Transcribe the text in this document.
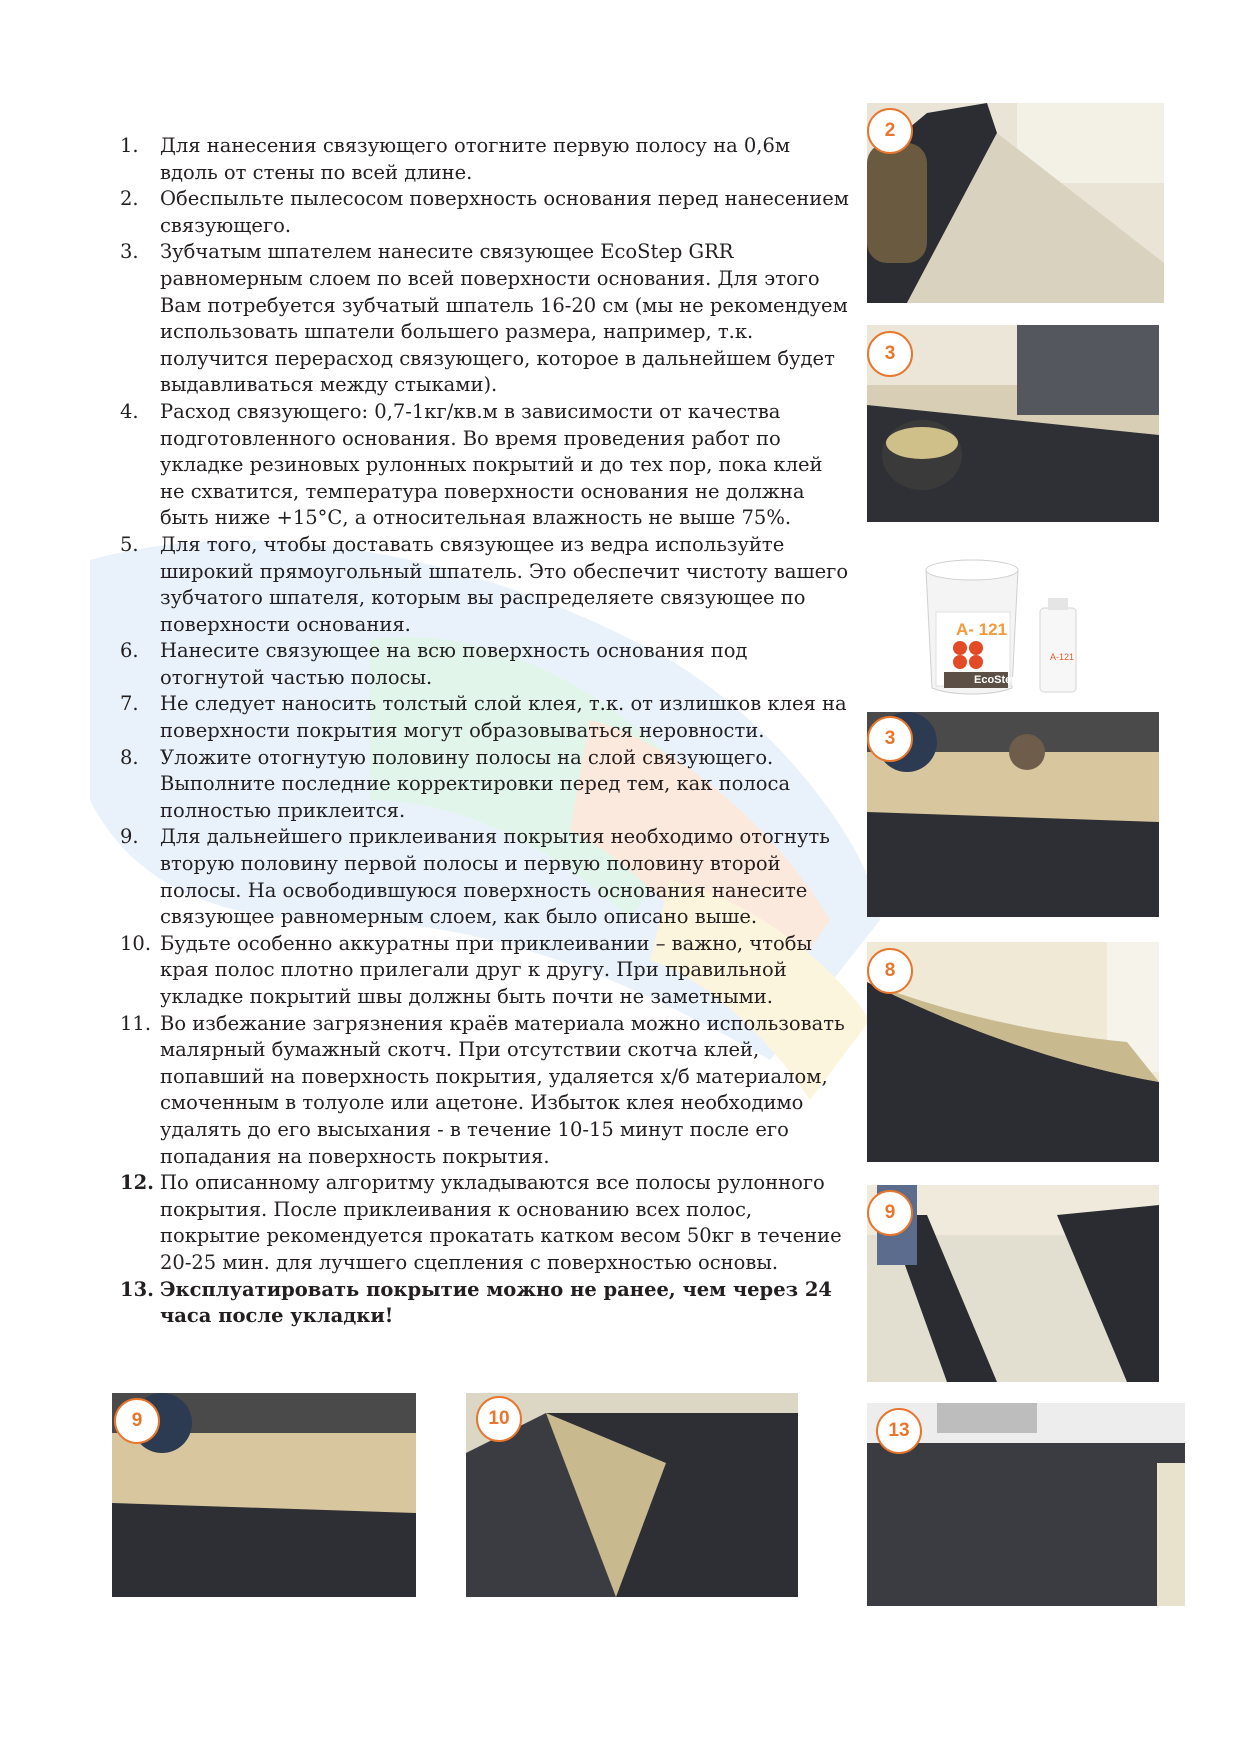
1.	Для нанесения связующего отогните первую полосу на 0,6м вдоль от стены по всей длине.
2.	Обеспыльте пылесосом поверхность основания перед нанесением связующего.
3.	Зубчатым шпателем нанесите связующее EcoStep GRR равномерным слоем по всей поверхности основания. Для этого Вам потребуется зубчатый шпатель 16-20 см (мы не рекомендуем использовать шпатели большего размера, например, т.к. получится перерасход связующего, которое в дальнейшем будет выдавливаться между стыками).
4.	Расход связующего: 0,7-1кг/кв.м в зависимости от качества подготовленного основания. Во время проведения работ по укладке резиновых рулонных покрытий и до тех пор, пока клей не схватится, температура поверхности основания не должна быть ниже +15°С, а относительная влажность не выше 75%.
5.	Для того, чтобы доставать связующее из ведра используйте широкий прямоугольный шпатель. Это обеспечит чистоту вашего зубчатого шпателя, которым вы распределяете связующее по поверхности основания.
6.	Нанесите связующее на всю поверхность основания под отогнутой частью полосы.
7.	Не следует наносить толстый слой клея, т.к. от излишков клея на поверхности покрытия могут образовываться неровности.
8.	Уложите отогнутую половину полосы на слой связующего. Выполните последние корректировки перед тем, как полоса полностью приклеится.
9.	Для дальнейшего приклеивания покрытия необходимо отогнуть вторую половину первой полосы и первую половину второй полосы. На освободившуюся поверхность основания нанесите связующее равномерным слоем, как было описано выше.
10. Будьте особенно аккуратны при приклеивании – важно, чтобы края полос плотно прилегали друг к другу. При правильной укладке покрытий швы должны быть почти не заметными.
11. Во избежание загрязнения краёв материала можно использовать малярный бумажный скотч. При отсутствии скотча клей, попавший на поверхность покрытия, удаляется х/б материалом, смоченным в толуоле или ацетоне. Избыток клея необходимо удалять до его высыхания - в течение 10-15 минут после его попадания на поверхность покрытия.
12. По описанному алгоритму укладываются все полосы рулонного покрытия. После приклеивания к основанию всех полос, покрытие рекомендуется прокатать катком весом 50кг в течение 20-25 мин. для лучшего сцепления с поверхностью основы.
13. Эксплуатировать покрытие можно не ранее, чем через 24 часа после укладки!
2
3
А- 121
А-121
EcoStep
3
8
9
13
9	10
